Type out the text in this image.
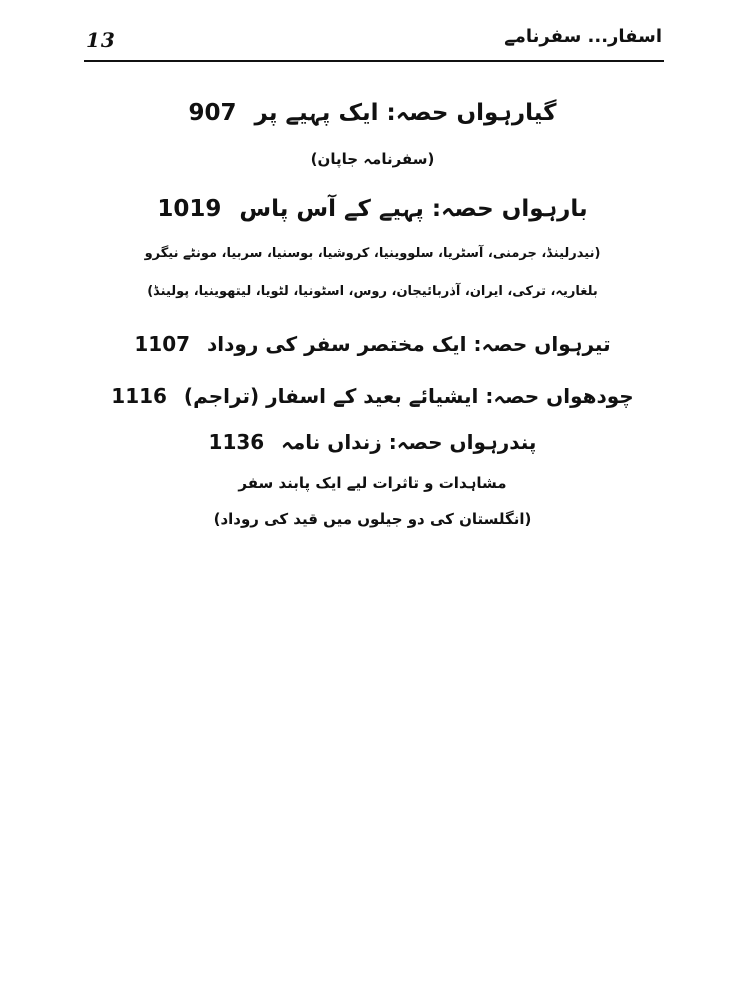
13	اسفار... سفرنامے
گیارہواں حصہ: ایک پہیے پر 907
(سفرنامہ جاپان)
بارہواں حصہ: پہیے کے آس پاس 1019
(نیدرلینڈ، جرمنی، آسٹریا، سلووینیا، کروشیا، بوسنیا، سربیا، مونٹے نیگرو
بلغاریہ، ترکی، ایران، آذربائیجان، روس، اسٹونیا، لٹویا، لیتھوینیا، پولینڈ)
تیرہواں حصہ: ایک مختصر سفر کی روداد 1107
چودھواں حصہ: ایشیائے بعید کے اسفار (تراجم) 1116
پندرہواں حصہ: زنداں نامہ 1136
مشاہدات و تاثرات لیے ایک پابند سفر
(انگلستان کی دو جیلوں میں قید کی روداد)
